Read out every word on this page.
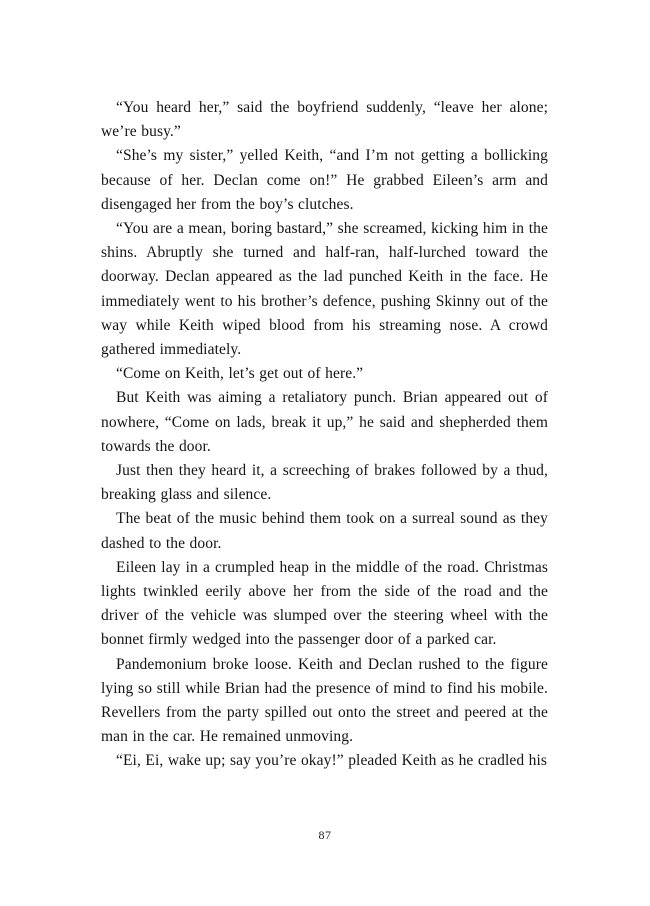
“You heard her,” said the boyfriend suddenly, “leave her alone; we’re busy.”

“She’s my sister,” yelled Keith, “and I’m not getting a bollicking because of her. Declan come on!” He grabbed Eileen’s arm and disengaged her from the boy’s clutches.

“You are a mean, boring bastard,” she screamed, kicking him in the shins. Abruptly she turned and half-ran, half-lurched toward the doorway. Declan appeared as the lad punched Keith in the face. He immediately went to his brother’s defence, pushing Skinny out of the way while Keith wiped blood from his streaming nose. A crowd gathered immediately.

“Come on Keith, let’s get out of here.”

But Keith was aiming a retaliatory punch. Brian appeared out of nowhere, “Come on lads, break it up,” he said and shepherded them towards the door.

Just then they heard it, a screeching of brakes followed by a thud, breaking glass and silence.

The beat of the music behind them took on a surreal sound as they dashed to the door.

Eileen lay in a crumpled heap in the middle of the road. Christmas lights twinkled eerily above her from the side of the road and the driver of the vehicle was slumped over the steering wheel with the bonnet firmly wedged into the passenger door of a parked car.

Pandemonium broke loose. Keith and Declan rushed to the figure lying so still while Brian had the presence of mind to find his mobile. Revellers from the party spilled out onto the street and peered at the man in the car. He remained unmoving.

“Ei, Ei, wake up; say you’re okay!” pleaded Keith as he cradled his

87
